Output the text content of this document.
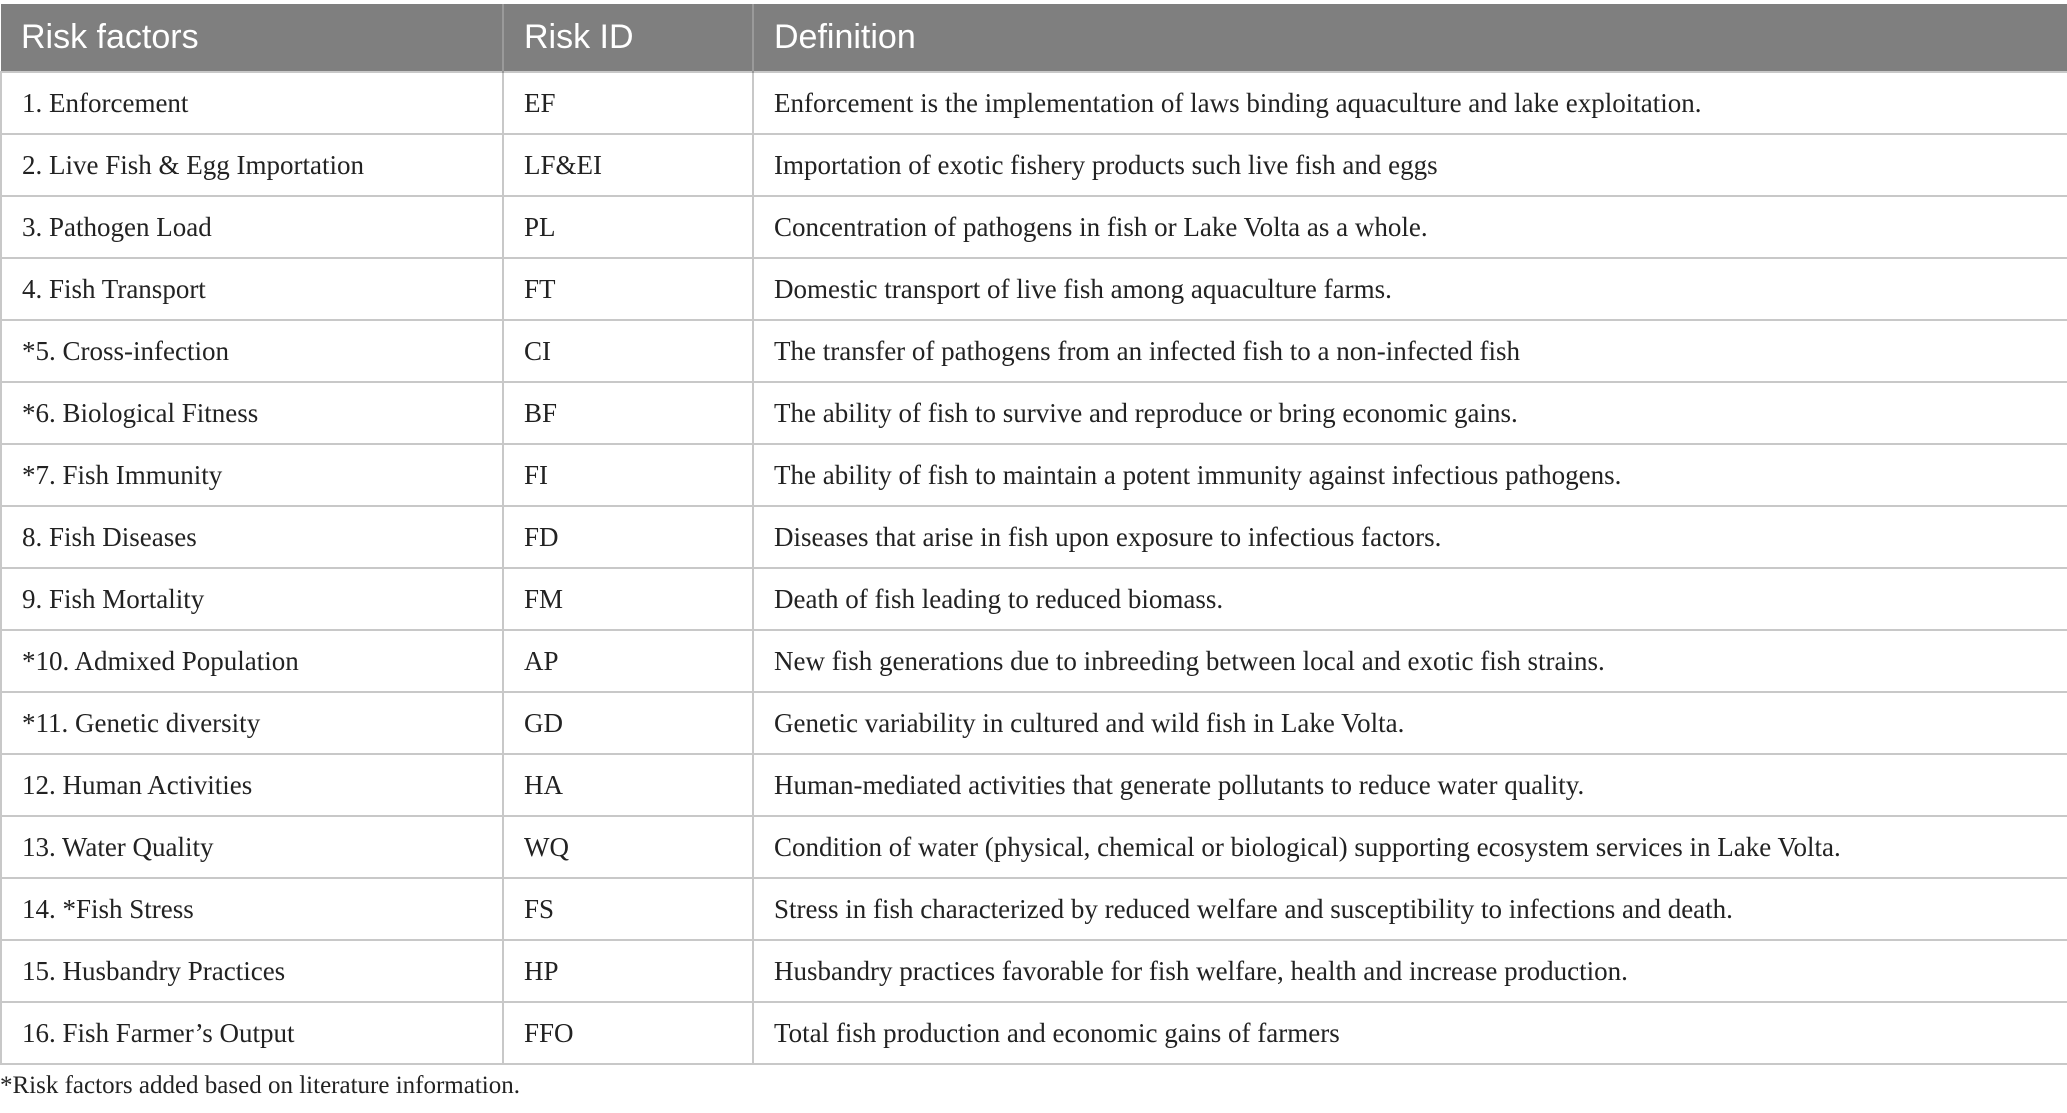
Risk factors	Risk ID	Definition
1. Enforcement	EF	Enforcement is the implementation of laws binding aquaculture and lake exploitation.
2. Live Fish & Egg Importation	LF&EI	Importation of exotic fishery products such live fish and eggs
3. Pathogen Load	PL	Concentration of pathogens in fish or Lake Volta as a whole.
4. Fish Transport	FT	Domestic transport of live fish among aquaculture farms.
*5. Cross-infection	CI	The transfer of pathogens from an infected fish to a non-infected fish
*6. Biological Fitness	BF	The ability of fish to survive and reproduce or bring economic gains.
*7. Fish Immunity	FI	The ability of fish to maintain a potent immunity against infectious pathogens.
8. Fish Diseases	FD	Diseases that arise in fish upon exposure to infectious factors.
9. Fish Mortality	FM	Death of fish leading to reduced biomass.
*10. Admixed Population	AP	New fish generations due to inbreeding between local and exotic fish strains.
*11. Genetic diversity	GD	Genetic variability in cultured and wild fish in Lake Volta.
12. Human Activities	HA	Human-mediated activities that generate pollutants to reduce water quality.
13. Water Quality	WQ	Condition of water (physical, chemical or biological) supporting ecosystem services in Lake Volta.
14. *Fish Stress	FS	Stress in fish characterized by reduced welfare and susceptibility to infections and death.
15. Husbandry Practices	HP	Husbandry practices favorable for fish welfare, health and increase production.
16. Fish Farmer’s Output	FFO	Total fish production and economic gains of farmers
*Risk factors added based on literature information.
